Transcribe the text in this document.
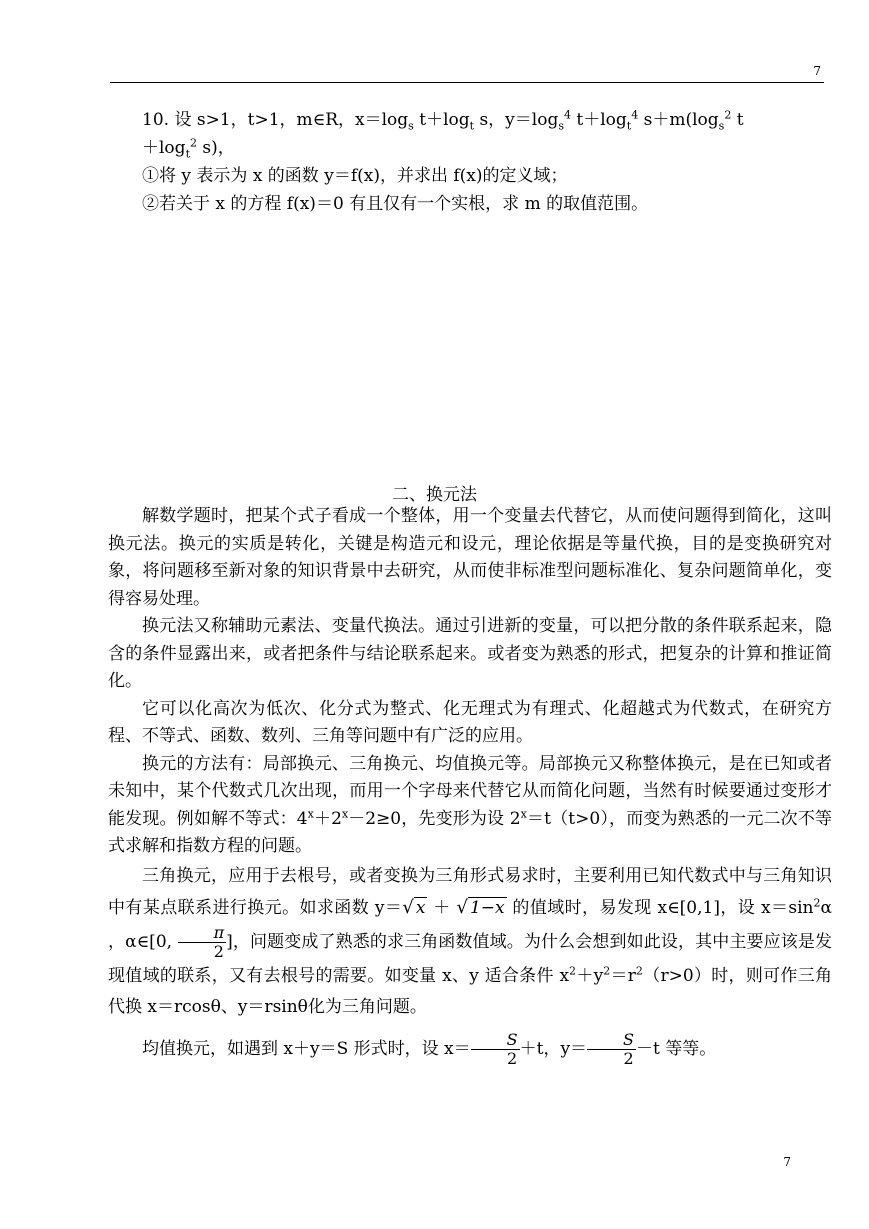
7

10. 设 s>1，t>1，m∈R，$x=\log_s$ $t+\log_t$ s，$y=\log_s^4$ $t+\log_t^4$ $s+m(\log_s^2$ t
$+\log_t^2$ s)，

①将 y 表示为 x 的函数 y＝f(x)，并求出 f(x)的定义域；

②若关于 x 的方程 f(x)＝0 有且仅有一个实根，求 m 的取值范围。

二、换元法

解数学题时，把某个式子看成一个整体，用一个变量去代替它，从而使问题得到简化，这叫换元法。换元的实质是转化，关键是构造元和设元，理论依据是等量代换，目的是变换研究对象，将问题移至新对象的知识背景中去研究，从而使非标准型问题标准化、复杂问题简单化，变得容易处理。

换元法又称辅助元素法、变量代换法。通过引进新的变量，可以把分散的条件联系起来，隐含的条件显露出来，或者把条件与结论联系起来。或者变为熟悉的形式，把复杂的计算和推证简化。

它可以化高次为低次、化分式为整式、化无理式为有理式、化超越式为代数式，在研究方程、不等式、函数、数列、三角等问题中有广泛的应用。

换元的方法有：局部换元、三角换元、均值换元等。局部换元又称整体换元，是在已知或者未知中，某个代数式几次出现，而用一个字母来代替它从而简化问题，当然有时候要通过变形才能发现。例如解不等式：$4^x+2^x-2\ge 0$，先变形为设 $2^x=t(t>0)$，而变为熟悉的一元二次不等式求解和指数方程的问题。

三角换元，应用于去根号，或者变换为三角形式易求时，主要利用已知代数式中与三角知识中有某点联系进行换元。如求函数 y＝√ x ＋ √ 1−x 的值域时，易发现 x∈[0,1]，设 $x=\sin^2\alpha$ ，α∈[0, $\frac{\pi}{2}$ ]，问题变成了熟悉的求三角函数值域。为什么会想到如此设，其中主要应该是发现值域的联系，又有去根号的需要。如变量 x、y 适合条件 $x^2+y^2=r^2(r>0)$时，则可作三角代换 x＝rcosθ、y＝rsinθ化为三角问题。

均值换元，如遇到 x＋y＝S 形式时，设 $x= \frac{S}{2} +t$，$y= \frac{S}{2} -t$ 等等。

7
